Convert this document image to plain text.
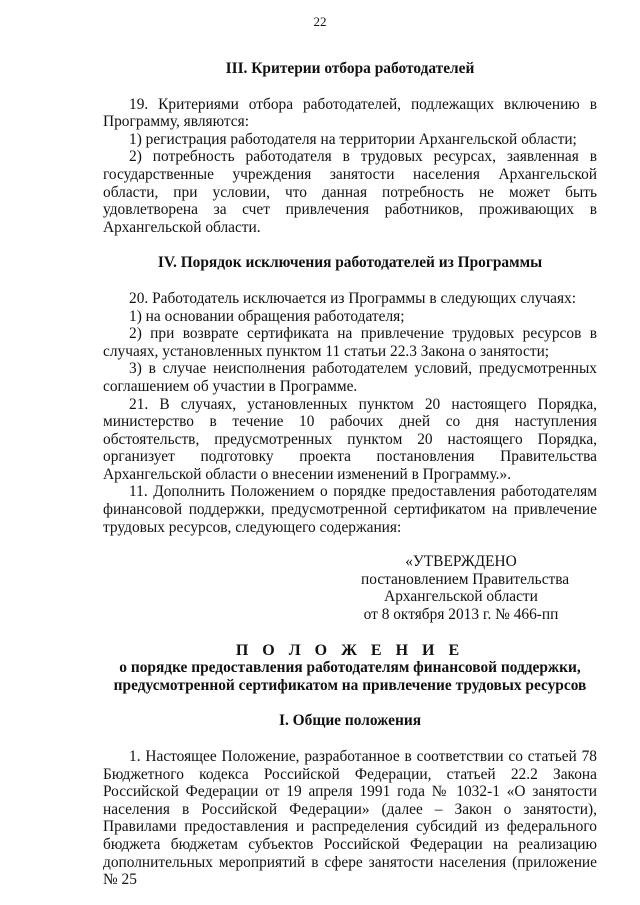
22
III. Критерии отбора работодателей

19. Критериями отбора работодателей, подлежащих включению в Программу, являются:

1) регистрация работодателя на территории Архангельской области;

2) потребность работодателя в трудовых ресурсах, заявленная в государственные учреждения занятости населения Архангельской области, при условии, что данная потребность не может быть удовлетворена за счет привлечения работников, проживающих в Архангельской области.

IV. Порядок исключения работодателей из Программы

20. Работодатель исключается из Программы в следующих случаях:

1) на основании обращения работодателя;

2) при возврате сертификата на привлечение трудовых ресурсов в случаях, установленных пунктом 11 статьи 22.3 Закона о занятости;

3) в случае неисполнения работодателем условий, предусмотренных соглашением об участии в Программе.

21. В случаях, установленных пунктом 20 настоящего Порядка, министерство в течение 10 рабочих дней со дня наступления обстоятельств, предусмотренных пунктом 20 настоящего Порядка, организует подготовку проекта постановления Правительства Архангельской области о внесении изменений в Программу.».

11. Дополнить Положением о порядке предоставления работодателям финансовой поддержки, предусмотренной сертификатом на привлечение трудовых ресурсов, следующего содержания:

«УТВЕРЖДЕНО
постановлением Правительства
Архангельской области
от 8 октября 2013 г. № 466-пп
П О Л О Ж Е Н И Е
о порядке предоставления работодателям финансовой поддержки,
предусмотренной сертификатом на привлечение трудовых ресурсов
I. Общие положения

1. Настоящее Положение, разработанное в соответствии со статьей 78 Бюджетного кодекса Российской Федерации, статьей 22.2 Закона Российской Федерации от 19 апреля 1991 года № 1032-1 «О занятости населения в Российской Федерации» (далее – Закон о занятости), Правилами предоставления и распределения субсидий из федерального бюджета бюджетам субъектов Российской Федерации на реализацию дополнительных мероприятий в сфере занятости населения (приложение № 25
